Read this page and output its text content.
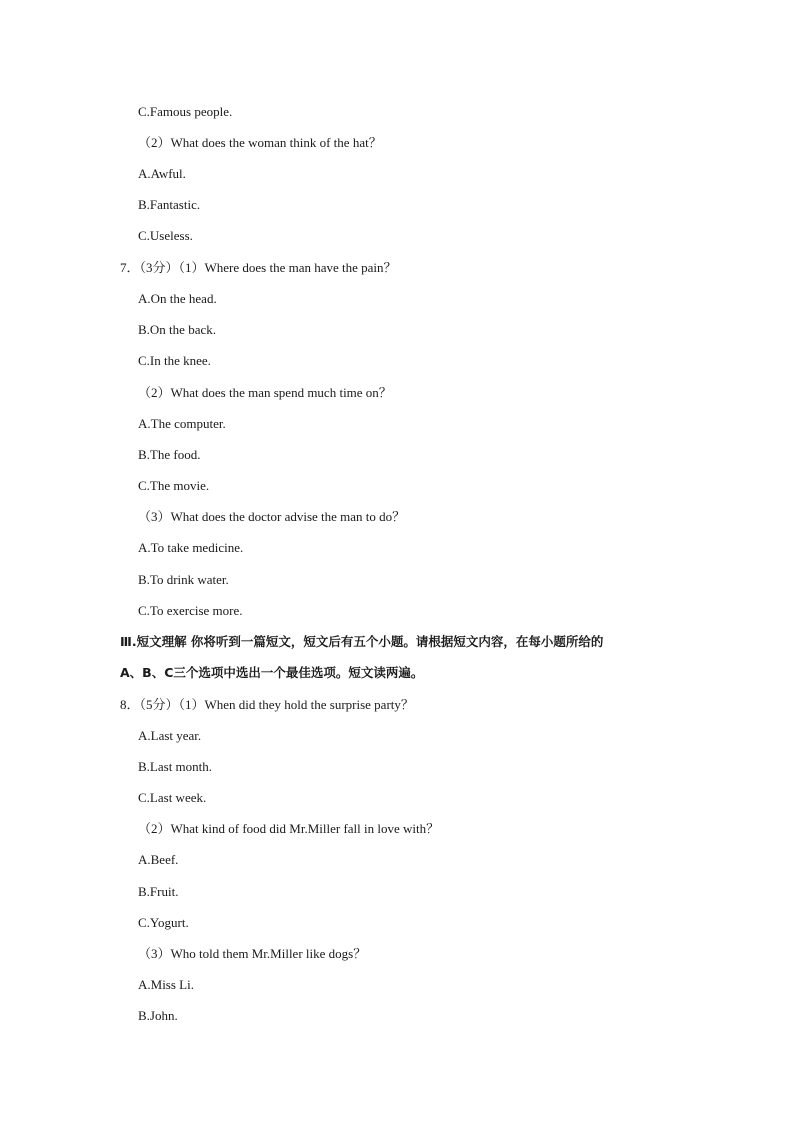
C.Famous people.
（2）What does the woman think of the hat？
A.Awful.
B.Fantastic.
C.Useless.
7．（3分）（1）Where does the man have the pain？
A.On the head.
B.On the back.
C.In the knee.
（2）What does the man spend much time on？
A.The computer.
B.The food.
C.The movie.
（3）What does the doctor advise the man to do？
A.To take medicine.
B.To drink water.
C.To exercise more.
Ⅲ.短文理解 你将听到一篇短文，短文后有五个小题。请根据短文内容，在每小题所给的
A、B、C三个选项中选出一个最佳选项。短文读两遍。
8．（5分）（1）When did they hold the surprise party？
A.Last year.
B.Last month.
C.Last week.
（2）What kind of food did Mr.Miller fall in love with？
A.Beef.
B.Fruit.
C.Yogurt.
（3）Who told them Mr.Miller like dogs？
A.Miss Li.
B.John.
